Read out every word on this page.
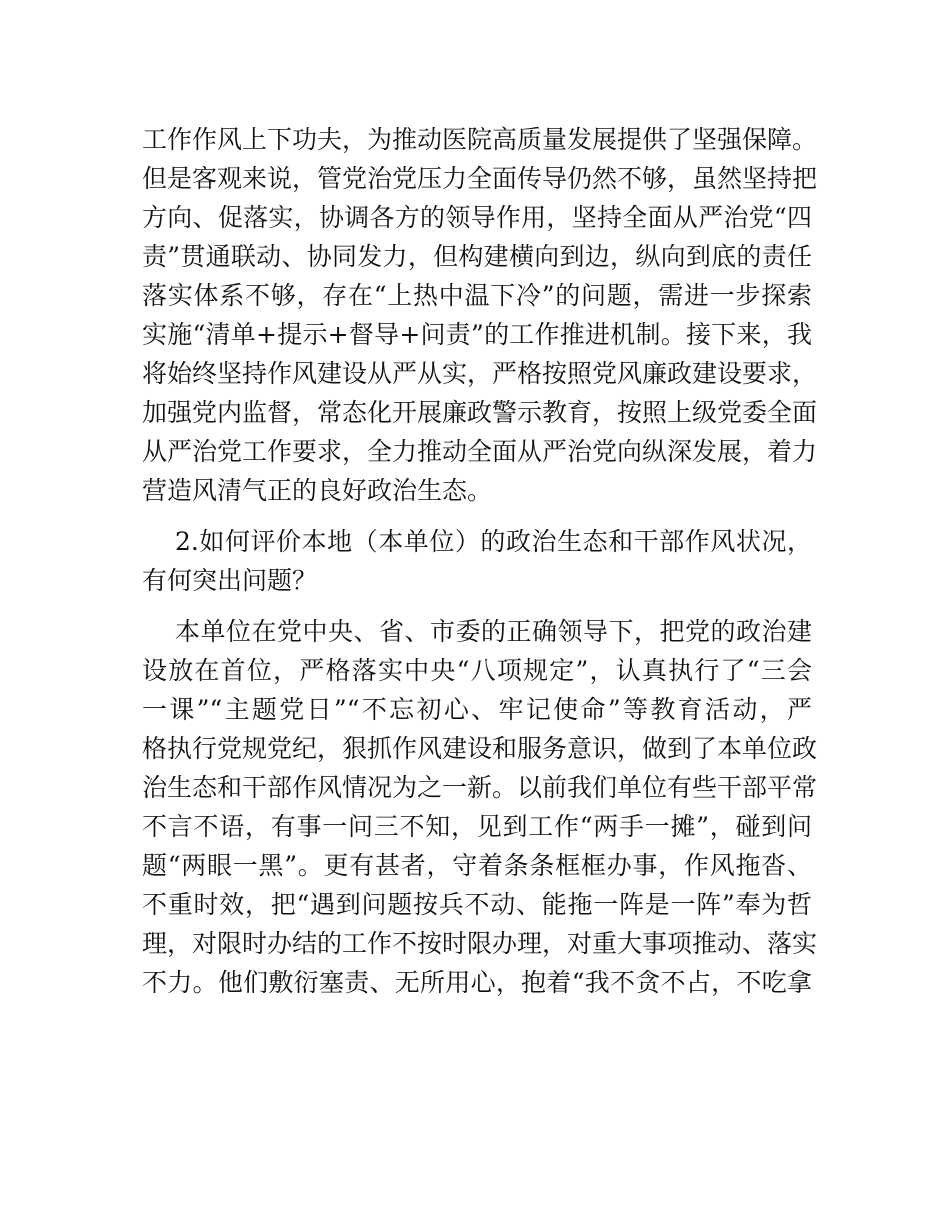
工作作风上下功夫，为推动医院高质量发展提供了坚强保障。
但是客观来说，管党治党压力全面传导仍然不够，虽然坚持把
方向、促落实，协调各方的领导作用，坚持全面从严治党“四
责”贯通联动、协同发力，但构建横向到边，纵向到底的责任
落实体系不够，存在“上热中温下冷”的问题，需进一步探索
实施“清单+提示+督导+问责”的工作推进机制。接下来，我
将始终坚持作风建设从严从实，严格按照党风廉政建设要求，
加强党内监督，常态化开展廉政警示教育，按照上级党委全面
从严治党工作要求，全力推动全面从严治党向纵深发展，着力
营造风清气正的良好政治生态。
2.如何评价本地（本单位）的政治生态和干部作风状况，
有何突出问题？
本单位在党中央、省、市委的正确领导下，把党的政治建
设放在首位，严格落实中央“八项规定”，认真执行了“三会
一课”“主题党日”“不忘初心、牢记使命”等教育活动，严
格执行党规党纪，狠抓作风建设和服务意识，做到了本单位政
治生态和干部作风情况为之一新。以前我们单位有些干部平常
不言不语，有事一问三不知，见到工作“两手一摊”，碰到问
题“两眼一黑”。更有甚者，守着条条框框办事，作风拖沓、
不重时效，把“遇到问题按兵不动、能拖一阵是一阵”奉为哲
理，对限时办结的工作不按时限办理，对重大事项推动、落实
不力。他们敷衍塞责、无所用心，抱着“我不贪不占，不吃拿
